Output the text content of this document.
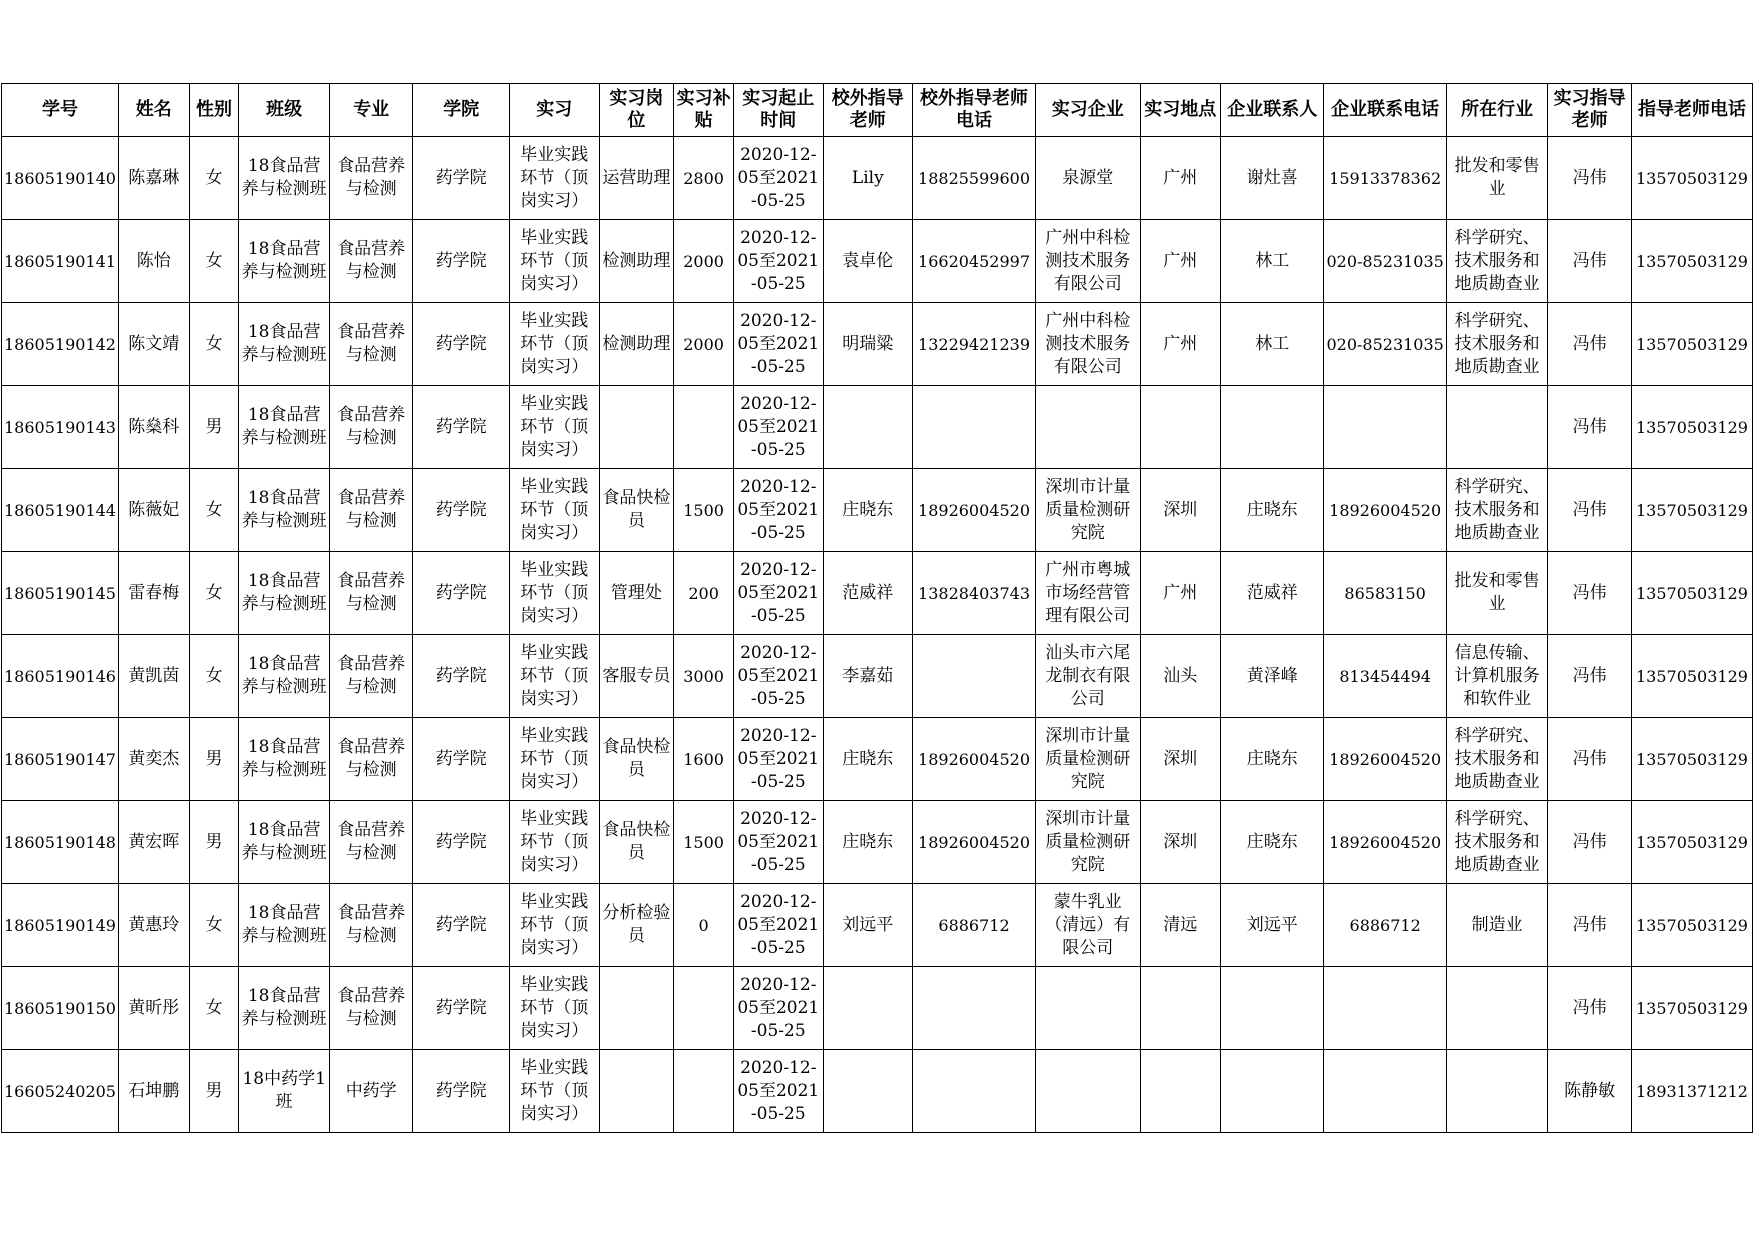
学号	姓名	性别	班级	专业	学院	实习	实习岗位	实习补贴	实习起止时间	校外指导老师	校外指导老师电话	实习企业	实习地点	企业联系人	企业联系电话	所在行业	实习指导老师	指导老师电话

18605190140	陈嘉琳	女	18食品营养与检测班	食品营养与检测	药学院	毕业实践环节（顶岗实习）	运营助理	2800	2020-12-05至2021-05-25	Lily	18825599600	泉源堂	广州	谢灶喜	15913378362	批发和零售业	冯伟	13570503129

18605190141	陈怡	女	18食品营养与检测班	食品营养与检测	药学院	毕业实践环节（顶岗实习）	检测助理	2000	2020-12-05至2021-05-25	袁卓伦	16620452997	广州中科检测技术服务有限公司	广州	林工	020-85231035	科学研究、技术服务和地质勘查业	冯伟	13570503129

18605190142	陈文靖	女	18食品营养与检测班	食品营养与检测	药学院	毕业实践环节（顶岗实习）	检测助理	2000	2020-12-05至2021-05-25	明瑞粱	13229421239	广州中科检测技术服务有限公司	广州	林工	020-85231035	科学研究、技术服务和地质勘查业	冯伟	13570503129

18605190143	陈燊科	男	18食品营养与检测班	食品营养与检测	药学院	毕业实践环节（顶岗实习）			2020-12-05至2021-05-25								冯伟	13570503129

18605190144	陈薇妃	女	18食品营养与检测班	食品营养与检测	药学院	毕业实践环节（顶岗实习）	食品快检员	1500	2020-12-05至2021-05-25	庄晓东	18926004520	深圳市计量质量检测研究院	深圳	庄晓东	18926004520	科学研究、技术服务和地质勘查业	冯伟	13570503129

18605190145	雷春梅	女	18食品营养与检测班	食品营养与检测	药学院	毕业实践环节（顶岗实习）	管理处	200	2020-12-05至2021-05-25	范威祥	13828403743	广州市粤城市场经营管理有限公司	广州	范威祥	86583150	批发和零售业	冯伟	13570503129

18605190146	黄凯茵	女	18食品营养与检测班	食品营养与检测	药学院	毕业实践环节（顶岗实习）	客服专员	3000	2020-12-05至2021-05-25	李嘉茹		汕头市六尾龙制衣有限公司	汕头	黄泽峰	813454494	信息传输、计算机服务和软件业	冯伟	13570503129

18605190147	黄奕杰	男	18食品营养与检测班	食品营养与检测	药学院	毕业实践环节（顶岗实习）	食品快检员	1600	2020-12-05至2021-05-25	庄晓东	18926004520	深圳市计量质量检测研究院	深圳	庄晓东	18926004520	科学研究、技术服务和地质勘查业	冯伟	13570503129

18605190148	黄宏晖	男	18食品营养与检测班	食品营养与检测	药学院	毕业实践环节（顶岗实习）	食品快检员	1500	2020-12-05至2021-05-25	庄晓东	18926004520	深圳市计量质量检测研究院	深圳	庄晓东	18926004520	科学研究、技术服务和地质勘查业	冯伟	13570503129

18605190149	黄惠玲	女	18食品营养与检测班	食品营养与检测	药学院	毕业实践环节（顶岗实习）	分析检验员	0	2020-12-05至2021-05-25	刘远平	6886712	蒙牛乳业（清远）有限公司	清远	刘远平	6886712	制造业	冯伟	13570503129

18605190150	黄昕彤	女	18食品营养与检测班	食品营养与检测	药学院	毕业实践环节（顶岗实习）			2020-12-05至2021-05-25								冯伟	13570503129

16605240205	石坤鹏	男	18中药学1班	中药学	药学院	毕业实践环节（顶岗实习）			2020-12-05至2021-05-25								陈静敏	18931371212
